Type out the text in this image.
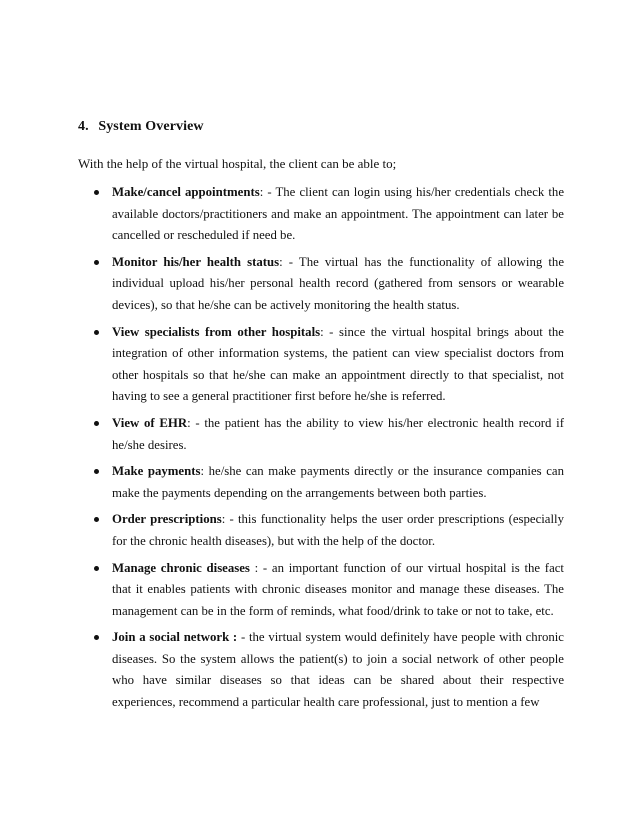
4. System Overview
With the help of the virtual hospital, the client can be able to;
Make/cancel appointments: - The client can login using his/her credentials check the available doctors/practitioners and make an appointment. The appointment can later be cancelled or rescheduled if need be.
Monitor his/her health status: - The virtual has the functionality of allowing the individual upload his/her personal health record (gathered from sensors or wearable devices), so that he/she can be actively monitoring the health status.
View specialists from other hospitals: - since the virtual hospital brings about the integration of other information systems, the patient can view specialist doctors from other hospitals so that he/she can make an appointment directly to that specialist, not having to see a general practitioner first before he/she is referred.
View of EHR: - the patient has the ability to view his/her electronic health record if he/she desires.
Make payments: he/she can make payments directly or the insurance companies can make the payments depending on the arrangements between both parties.
Order prescriptions: - this functionality helps the user order prescriptions (especially for the chronic health diseases), but with the help of the doctor.
Manage chronic diseases : - an important function of our virtual hospital is the fact that it enables patients with chronic diseases monitor and manage these diseases. The management can be in the form of reminds, what food/drink to take or not to take, etc.
Join a social network : - the virtual system would definitely have people with chronic diseases. So the system allows the patient(s) to join a social network of other people who have similar diseases so that ideas can be shared about their respective experiences, recommend a particular health care professional, just to mention a few
